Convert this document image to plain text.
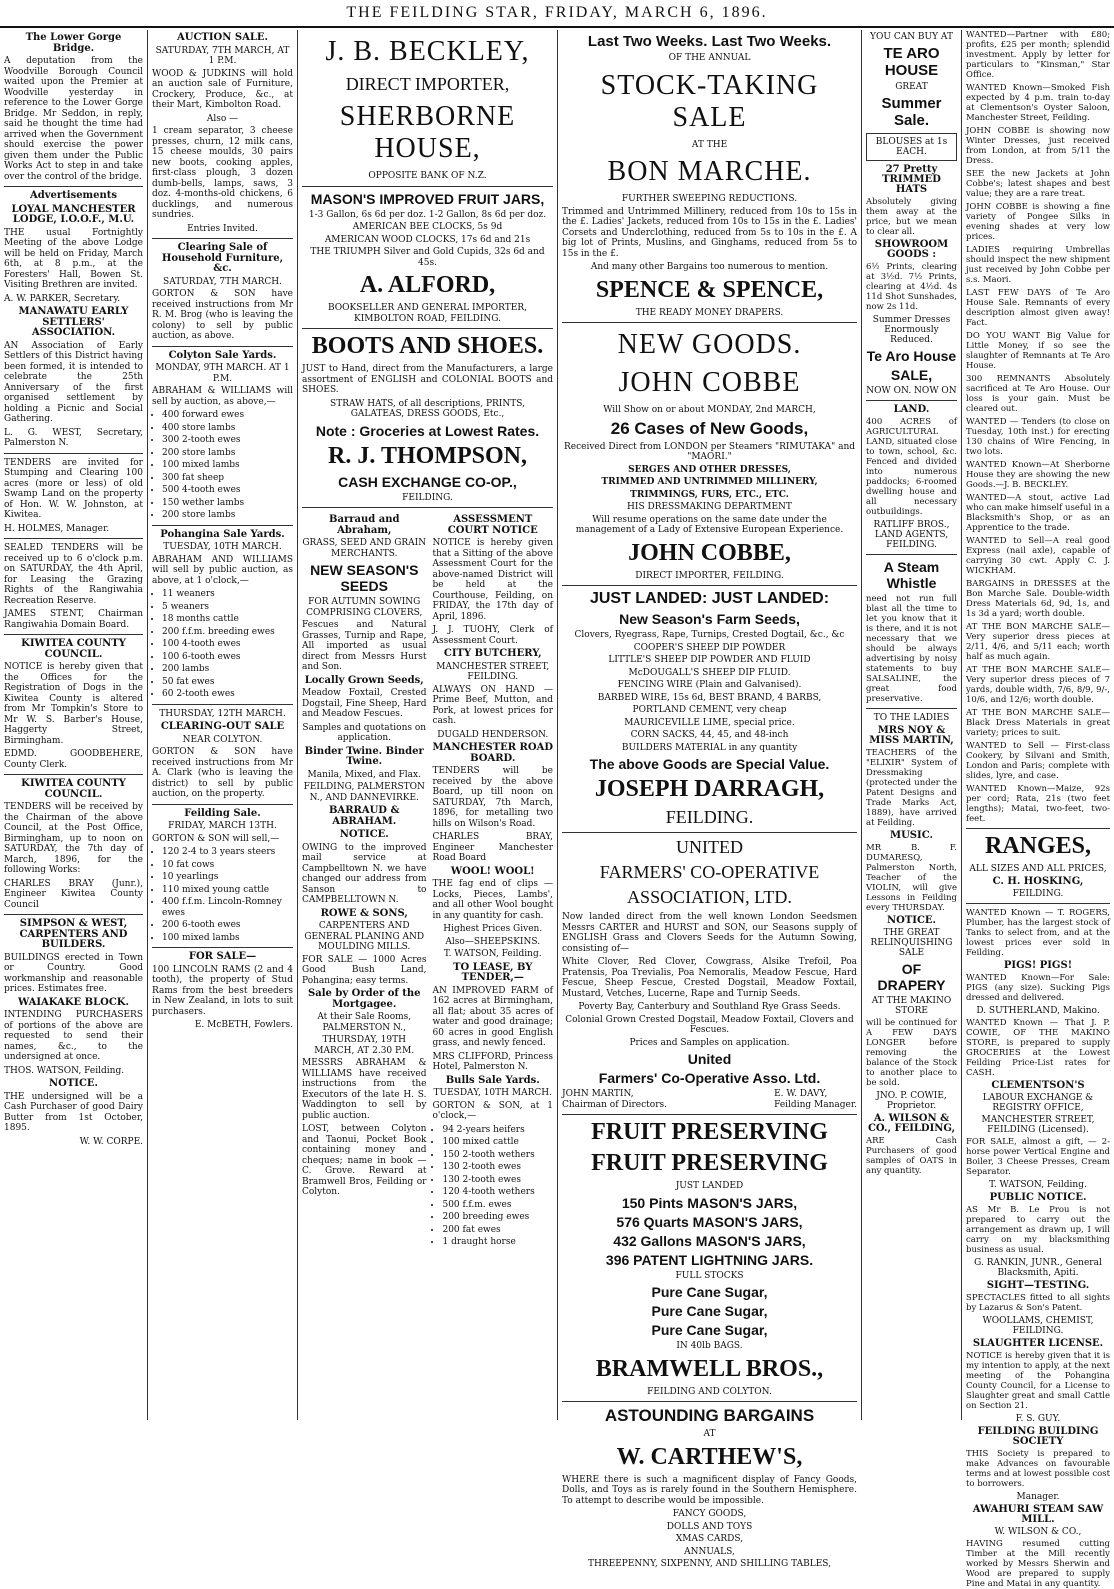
THE FEILDING STAR, FRIDAY, MARCH 6, 1896.
The Lower Gorge Bridge.

A deputation from the Woodville Borough Council waited upon the Premier at Woodville yesterday in reference to the Lower Gorge Bridge. Mr Seddon, in reply, said he thought the time had arrived when the Government should exercise the power given them under the Public Works Act to step in and take over the control of the bridge.

Advertisements
LOYAL MANCHESTER LODGE, I.O.O.F., M.U.

THE usual Fortnightly Meeting of the above Lodge will be held on Friday, March 6th, at 8 p.m., at the Foresters' Hall, Bowen St. Visiting Brethren are invited.

A. W. PARKER, Secretary.

MANAWATU EARLY SETTLERS' ASSOCIATION.

AN Association of Early Settlers of this District having been formed, it is intended to celebrate the 25th Anniversary of the first organised settlement by holding a Picnic and Social Gathering.

L. G. WEST, Secretary, Palmerston N.

TENDERS are invited for Stumping and Clearing 100 acres (more or less) of old Swamp Land on the property of Hon. W. W. Johnston, at Kiwitea.

H. HOLMES, Manager.

SEALED TENDERS will be received up to 6 o'clock p.m. on SATURDAY, the 4th April, for Leasing the Grazing Rights of the Rangiwahia Recreation Reserve.

JAMES STENT, Chairman Rangiwahia Domain Board.

KIWITEA COUNTY COUNCIL.

NOTICE is hereby given that the Offices for the Registration of Dogs in the Kiwitea County is altered from Mr Tompkin's Store to Mr W. S. Barber's House, Haggerty Street, Birmingham.

EDMD. GOODBEHERE, County Clerk.

KIWITEA COUNTY COUNCIL.

TENDERS will be received by the Chairman of the above Council, at the Post Office, Birmingham, up to noon on SATURDAY, the 7th day of March, 1896, for the following Works:

CHARLES BRAY (Junr.), Engineer Kiwitea County Council

SIMPSON & WEST, CARPENTERS AND BUILDERS.

BUILDINGS erected in Town or Country. Good workmanship and reasonable prices. Estimates free.

WAIAKAKE BLOCK.

INTENDING PURCHASERS of portions of the above are requested to send their names, &c., to the undersigned at once.

THOS. WATSON, Feilding.

NOTICE.

THE undersigned will be a Cash Purchaser of good Dairy Butter from 1st October, 1895.

W. W. CORPE.

AUCTION SALE.
SATURDAY, 7TH MARCH, AT 1 P.M.

WOOD & JUDKINS will hold an auction sale of Furniture, Crockery, Produce, &c., at their Mart, Kimbolton Road.

Also —

1 cream separator, 3 cheese presses, churn, 12 milk cans, 15 cheese moulds, 30 pairs new boots, cooking apples, first-class plough, 3 dozen dumb-bells, lamps, saws, 3 doz. 4-months-old chickens, 6 ducklings, and numerous sundries.

Entries Invited.
Clearing Sale of Household Furniture, &c.
SATURDAY, 7TH MARCH.

GORTON & SON have received instructions from Mr R. M. Brog (who is leaving the colony) to sell by public auction, as above.

Colyton Sale Yards.
MONDAY, 9TH MARCH. AT 1 P.M.

ABRAHAM & WILLIAMS will sell by auction, as above,—

• 400 forward ewes
• 400 store lambs
• 300 2-tooth ewes
• 200 store lambs
• 100 mixed lambs
• 300 fat sheep
• 500 4-tooth ewes
• 150 wether lambs
• 200 store lambs
Pohangina Sale Yards.
TUESDAY, 10TH MARCH.

ABRAHAM AND WILLIAMS will sell by public auction, as above, at 1 o'clock,—

• 11 weaners
• 5 weaners
• 18 months cattle
• 200 f.f.m. breeding ewes
• 100 4-tooth ewes
• 100 6-tooth ewes
• 200 lambs
• 50 fat ewes
• 60 2-tooth ewes
THURSDAY, 12TH MARCH.
CLEARING-OUT SALE
NEAR COLYTON.

GORTON & SON have received instructions from Mr A. Clark (who is leaving the district) to sell by public auction, on the property.

Feilding Sale.
FRIDAY, MARCH 13TH.

GORTON & SON will sell,—

• 120 2-4 to 3 years steers
• 10 fat cows
• 10 yearlings
• 110 mixed young cattle
• 400 f.f.m. Lincoln-Romney ewes
• 200 6-tooth ewes
• 100 mixed lambs
FOR SALE—

100 LINCOLN RAMS (2 and 4 tooth), the property of Stud Rams from the best breeders in New Zealand, in lots to suit purchasers.

E. McBETH, Fowlers.

J. B. BECKLEY,
DIRECT IMPORTER,
SHERBORNE HOUSE,
OPPOSITE BANK OF N.Z.
MASON'S IMPROVED FRUIT JARS,
1-3 Gallon, 6s 6d per doz. 1-2 Gallon, 8s 6d per doz.
AMERICAN BEE CLOCKS, 5s 9d
AMERICAN WOOD CLOCKS, 17s 6d and 21s
THE TRIUMPH Silver and Gold Cupids, 32s 6d and 45s.
A. ALFORD,
BOOKSELLER AND GENERAL IMPORTER, KIMBOLTON ROAD, FEILDING.
BOOTS AND SHOES.

JUST to Hand, direct from the Manufacturers, a large assortment of ENGLISH and COLONIAL BOOTS and SHOES.

STRAW HATS, of all descriptions, PRINTS, GALATEAS, DRESS GOODS, Etc.,
Note : Groceries at Lowest Rates.
R. J. THOMPSON,
CASH EXCHANGE CO-OP.,
FEILDING.
Barraud and Abraham,
GRASS, SEED AND GRAIN MERCHANTS.
NEW SEASON'S SEEDS
FOR AUTUMN SOWING COMPRISING CLOVERS,

Fescues and Natural Grasses, Turnip and Rape, All imported as usual direct from Messrs Hurst and Son.

Locally Grown Seeds,

Meadow Foxtail, Crested Dogstail, Fine Sheep, Hard and Meadow Fescues.

Samples and quotations on application.
Binder Twine. Binder Twine.
Manila, Mixed, and Flax.
FEILDING, PALMERSTON N., AND DANNEVIRKE.
BARRAUD & ABRAHAM.
NOTICE.

OWING to the improved mail service at Campbelltown N. we have changed our address from Sanson to CAMPBELLTOWN N.

ROWE & SONS,
CARPENTERS AND GENERAL PLANING AND MOULDING MILLS.

FOR SALE — 1000 Acres Good Bush Land, Pohangina; easy terms.

Sale by Order of the Mortgagee.
At their Sale Rooms, PALMERSTON N.,
THURSDAY, 19TH MARCH, AT 2.30 P.M.

MESSRS ABRAHAM & WILLIAMS have received instructions from the Executors of the late H. S. Waddington to sell by public auction.

LOST, between Colyton and Taonui, Pocket Book containing money and cheques; name in book — C. Grove. Reward at Bramwell Bros, Feilding or Colyton.

ASSESSMENT COURT NOTICE

NOTICE is hereby given that a Sitting of the above Assessment Court for the above-named District will be held at the Courthouse, Feilding, on FRIDAY, the 17th day of April, 1896.

J. J. TUOHY, Clerk of Assessment Court.

CITY BUTCHERY,
MANCHESTER STREET, FEILDING.

ALWAYS ON HAND — Prime Beef, Mutton, and Pork, at lowest prices for cash.

DUGALD HENDERSON.
MANCHESTER ROAD BOARD.

TENDERS will be received by the above Board, up till noon on SATURDAY, 7th March, 1896, for metalling two hills on Wilson's Road.

CHARLES BRAY, Engineer Manchester Road Board

WOOL! WOOL!

THE fag end of clips — Locks, Pieces, Lambs', and all other Wool bought in any quantity for cash.

Highest Prices Given.
Also—SHEEPSKINS.
T. WATSON, Feilding.
TO LEASE, BY TENDER,—

AN IMPROVED FARM of 162 acres at Birmingham, all flat; about 35 acres of water and good drainage; 60 acres in good English grass, and newly fenced.

MRS CLIFFORD, Princess Hotel, Palmerston N.

Bulls Sale Yards.
TUESDAY, 10TH MARCH.

GORTON & SON, at 1 o'clock,—

• 94 2-years heifers
• 100 mixed cattle
• 150 2-tooth wethers
• 130 2-tooth ewes
• 130 2-tooth ewes
• 120 4-tooth wethers
• 500 f.f.m. ewes
• 200 breeding ewes
• 200 fat ewes
• 1 draught horse
Last Two Weeks. Last Two Weeks.
OF THE ANNUAL
STOCK-TAKING SALE
AT THE
BON MARCHE.
FURTHER SWEEPING REDUCTIONS.

Trimmed and Untrimmed Millinery, reduced from 10s to 15s in the £. Ladies' Jackets, reduced from 10s to 15s in the £. Ladies' Corsets and Underclothing, reduced from 5s to 10s in the £. A big lot of Prints, Muslins, and Ginghams, reduced from 5s to 15s in the £.

And many other Bargains too numerous to mention.
SPENCE & SPENCE,
THE READY MONEY DRAPERS.
NEW GOODS.
JOHN COBBE
Will Show on or about MONDAY, 2nd MARCH,
26 Cases of New Goods,
Received Direct from LONDON per Steamers "RIMUTAKA" and "MAORI."
SERGES AND OTHER DRESSES,
TRIMMED AND UNTRIMMED MILLINERY,
TRIMMINGS, FURS, ETC., ETC.
HIS DRESSMAKING DEPARTMENT
Will resume operations on the same date under the management of a Lady of Extensive European Experience.
JOHN COBBE,
DIRECT IMPORTER, FEILDING.
JUST LANDED: JUST LANDED:
New Season's Farm Seeds,
Clovers, Ryegrass, Rape, Turnips, Crested Dogtail, &c., &c
COOPER'S SHEEP DIP POWDER
LITTLE'S SHEEP DIP POWDER AND FLUID
McDOUGALL'S SHEEP DIP FLUID.
FENCING WIRE (Plain and Galvanised).
BARBED WIRE, 15s 6d, BEST BRAND, 4 BARBS,
PORTLAND CEMENT, very cheap
MAURICEVILLE LIME, special price.
CORN SACKS, 44, 45, and 48-inch
BUILDERS MATERIAL in any quantity
The above Goods are Special Value.
JOSEPH DARRAGH,
FEILDING.
UNITED
FARMERS' CO-OPERATIVE
ASSOCIATION, LTD.

Now landed direct from the well known London Seedsmen Messrs CARTER and HURST and SON, our Seasons supply of ENGLISH Grass and Clovers Seeds for the Autumn Sowing, consisting of—

White Clover, Red Clover, Cowgrass, Alsike Trefoil, Poa Pratensis, Poa Trevialis, Poa Nemoralis, Meadow Fescue, Hard Fescue, Sheep Fescue, Crested Dogstail, Meadow Foxtail, Mustard, Vetches, Lucerne, Rape and Turnip Seeds.

Poverty Bay, Canterbury and Southland Rye Grass Seeds.
Colonial Grown Crested Dogstail, Meadow Foxtail, Clovers and Fescues.
Prices and Samples on application.
United
Farmers' Co-Operative Asso. Ltd.
JOHN MARTIN,
Chairman of Directors.
E. W. DAVY,
Feilding Manager.
FRUIT PRESERVING
FRUIT PRESERVING
JUST LANDED
150 Pints MASON'S JARS,
576 Quarts MASON'S JARS,
432 Gallons MASON'S JARS,
396 PATENT LIGHTNING JARS.
FULL STOCKS
Pure Cane Sugar,
Pure Cane Sugar,
Pure Cane Sugar,
IN 40lb BAGS.
BRAMWELL BROS.,
FEILDING AND COLYTON.
ASTOUNDING BARGAINS
AT
W. CARTHEW'S,

WHERE there is such a magnificent display of Fancy Goods, Dolls, and Toys as is rarely found in the Southern Hemisphere. To attempt to describe would be impossible.

FANCY GOODS,
DOLLS AND TOYS
XMAS CARDS,
ANNUALS,
THREEPENNY, SIXPENNY, AND SHILLING TABLES,
YOU CAN BUY AT
TE ARO HOUSE
GREAT
Summer Sale.
BLOUSES at 1s EACH.
27 Pretty TRIMMED HATS

Absolutely giving them away at the price, but we mean to clear all.

SHOWROOM GOODS :

6½ Prints, clearing at 3½d. 7½ Prints, clearing at 4½d. 4s 11d Shot Sunshades, now 2s 11d.

Summer Dresses Enormously Reduced.
Te Aro House
SALE,
NOW ON. NOW ON
LAND.

400 ACRES of AGRICULTURAL LAND, situated close to town, school, &c. Fenced and divided into numerous paddocks; 6-roomed dwelling house and all necessary outbuildings.

RATLIFF BROS., LAND AGENTS, FEILDING.
A Steam Whistle

need not run full blast all the time to let you know that it is there, and it is not necessary that we should be always advertising by noisy statements to buy SALSALINE, the great food preservative.

TO THE LADIES
MRS NOY & MISS MARTIN,

TEACHERS of the "ELIXIR" System of Dressmaking (protected under the Patent Designs and Trade Marks Act, 1889), have arrived at Feilding.

MUSIC.

MR B. F. DUMARESQ, Palmerston North, Teacher of the VIOLIN, will give Lessons in Feilding every THURSDAY.

NOTICE.
THE GREAT RELINQUISHING SALE
OF DRAPERY
AT THE MAKINO STORE

will be continued for A FEW DAYS LONGER before removing the balance of the Stock to another place to be sold.

JNO. P. COWIE, Proprietor.
A. WILSON & CO., FEILDING,

ARE Cash Purchasers of good samples of OATS in any quantity.

WANTED—Partner with £80; profits, £25 per month; splendid investment. Apply by letter for particulars to "Kinsman," Star Office.

WANTED Known—Smoked Fish expected by 4 p.m. train to-day at Clementson's Oyster Saloon, Manchester Street, Feilding.

JOHN COBBE is showing now Winter Dresses, just received from London, at from 5/11 the Dress.

SEE the new Jackets at John Cobbe's; latest shapes and best value; they are a rare treat.

JOHN COBBE is showing a fine variety of Pongee Silks in evening shades at very low prices.

LADIES requiring Umbrellas should inspect the new shipment just received by John Cobbe per s.s. Maori.

LAST FEW DAYS of Te Aro House Sale. Remnants of every description almost given away! Fact.

DO YOU WANT Big Value for Little Money, if so see the slaughter of Remnants at Te Aro House.

300 REMNANTS Absolutely sacrificed at Te Aro House. Our loss is your gain. Must be cleared out.

WANTED — Tenders (to close on Tuesday, 10th inst.) for erecting 130 chains of Wire Fencing, in two lots.

WANTED Known—At Sherborne House they are showing the new Goods.—J. B. BECKLEY.

WANTED—A stout, active Lad who can make himself useful in a Blacksmith's Shop, or as an Apprentice to the trade.

WANTED to Sell—A real good Express (nail axle), capable of carrying 30 cwt. Apply C. J. WICKHAM.

BARGAINS in DRESSES at the Bon Marche Sale. Double-width Dress Materials 6d, 9d, 1s, and 1s 3d a yard; worth double.

AT THE BON MARCHE SALE—Very superior dress pieces at 2/11, 4/6, and 5/11 each; worth half as much again.

AT THE BON MARCHE SALE—Very superior dress pieces of 7 yards, double width, 7/6, 8/9, 9/-, 10/6, and 12/6; worth double.

AT THE BON MARCHE SALE—Black Dress Materials in great variety; prices to suit.

WANTED to Sell — First-class Cookery, by Silvani and Smith, London and Paris; complete with slides, lyre, and case.

WANTED Known—Maize, 92s per cord; Rata, 21s (two feet lengths); Matai, two-feet, two-feet.

RANGES,
ALL SIZES AND ALL PRICES,
C. H. HOSKING,
FEILDING.

WANTED Known — T. ROGERS, Plumber, has the largest stock of Tanks to select from, and at the lowest prices ever sold in Feilding.

PIGS! PIGS!

WANTED Known—For Sale: PIGS (any size). Sucking Pigs dressed and delivered.

D. SUTHERLAND, Makino.

WANTED Known — That J. P. COWIE, OF THE MAKINO STORE, is prepared to supply GROCERIES at the Lowest Feilding Price-List rates for CASH.

CLEMENTSON'S
LABOUR EXCHANGE & REGISTRY OFFICE,
MANCHESTER STREET, FEILDING (Licensed).

FOR SALE, almost a gift, — 2-horse power Vertical Engine and Boiler, 3 Cheese Presses, Cream Separator.

T. WATSON, Feilding.
PUBLIC NOTICE.

AS Mr B. Le Prou is not prepared to carry out the arrangement as drawn up, I will carry on my blacksmithing business as usual.

G. RANKIN, JUNR., General Blacksmith, Apiti.
SIGHT—TESTING.

SPECTACLES fitted to all sights by Lazarus & Son's Patent.

WOOLLAMS, CHEMIST, FEILDING.
SLAUGHTER LICENSE.

NOTICE is hereby given that it is my intention to apply, at the next meeting of the Pohangina County Council, for a License to Slaughter great and small Cattle on Section 21.

F. S. GUY.
FEILDING BUILDING SOCIETY

THIS Society is prepared to make Advances on favourable terms and at lowest possible cost to borrowers.

Manager.
AWAHURI STEAM SAW MILL.
W. WILSON & CO.,

HAVING resumed cutting Timber at the Mill recently worked by Messrs Sherwin and Wood are prepared to supply Pine and Matai in any quantity.
